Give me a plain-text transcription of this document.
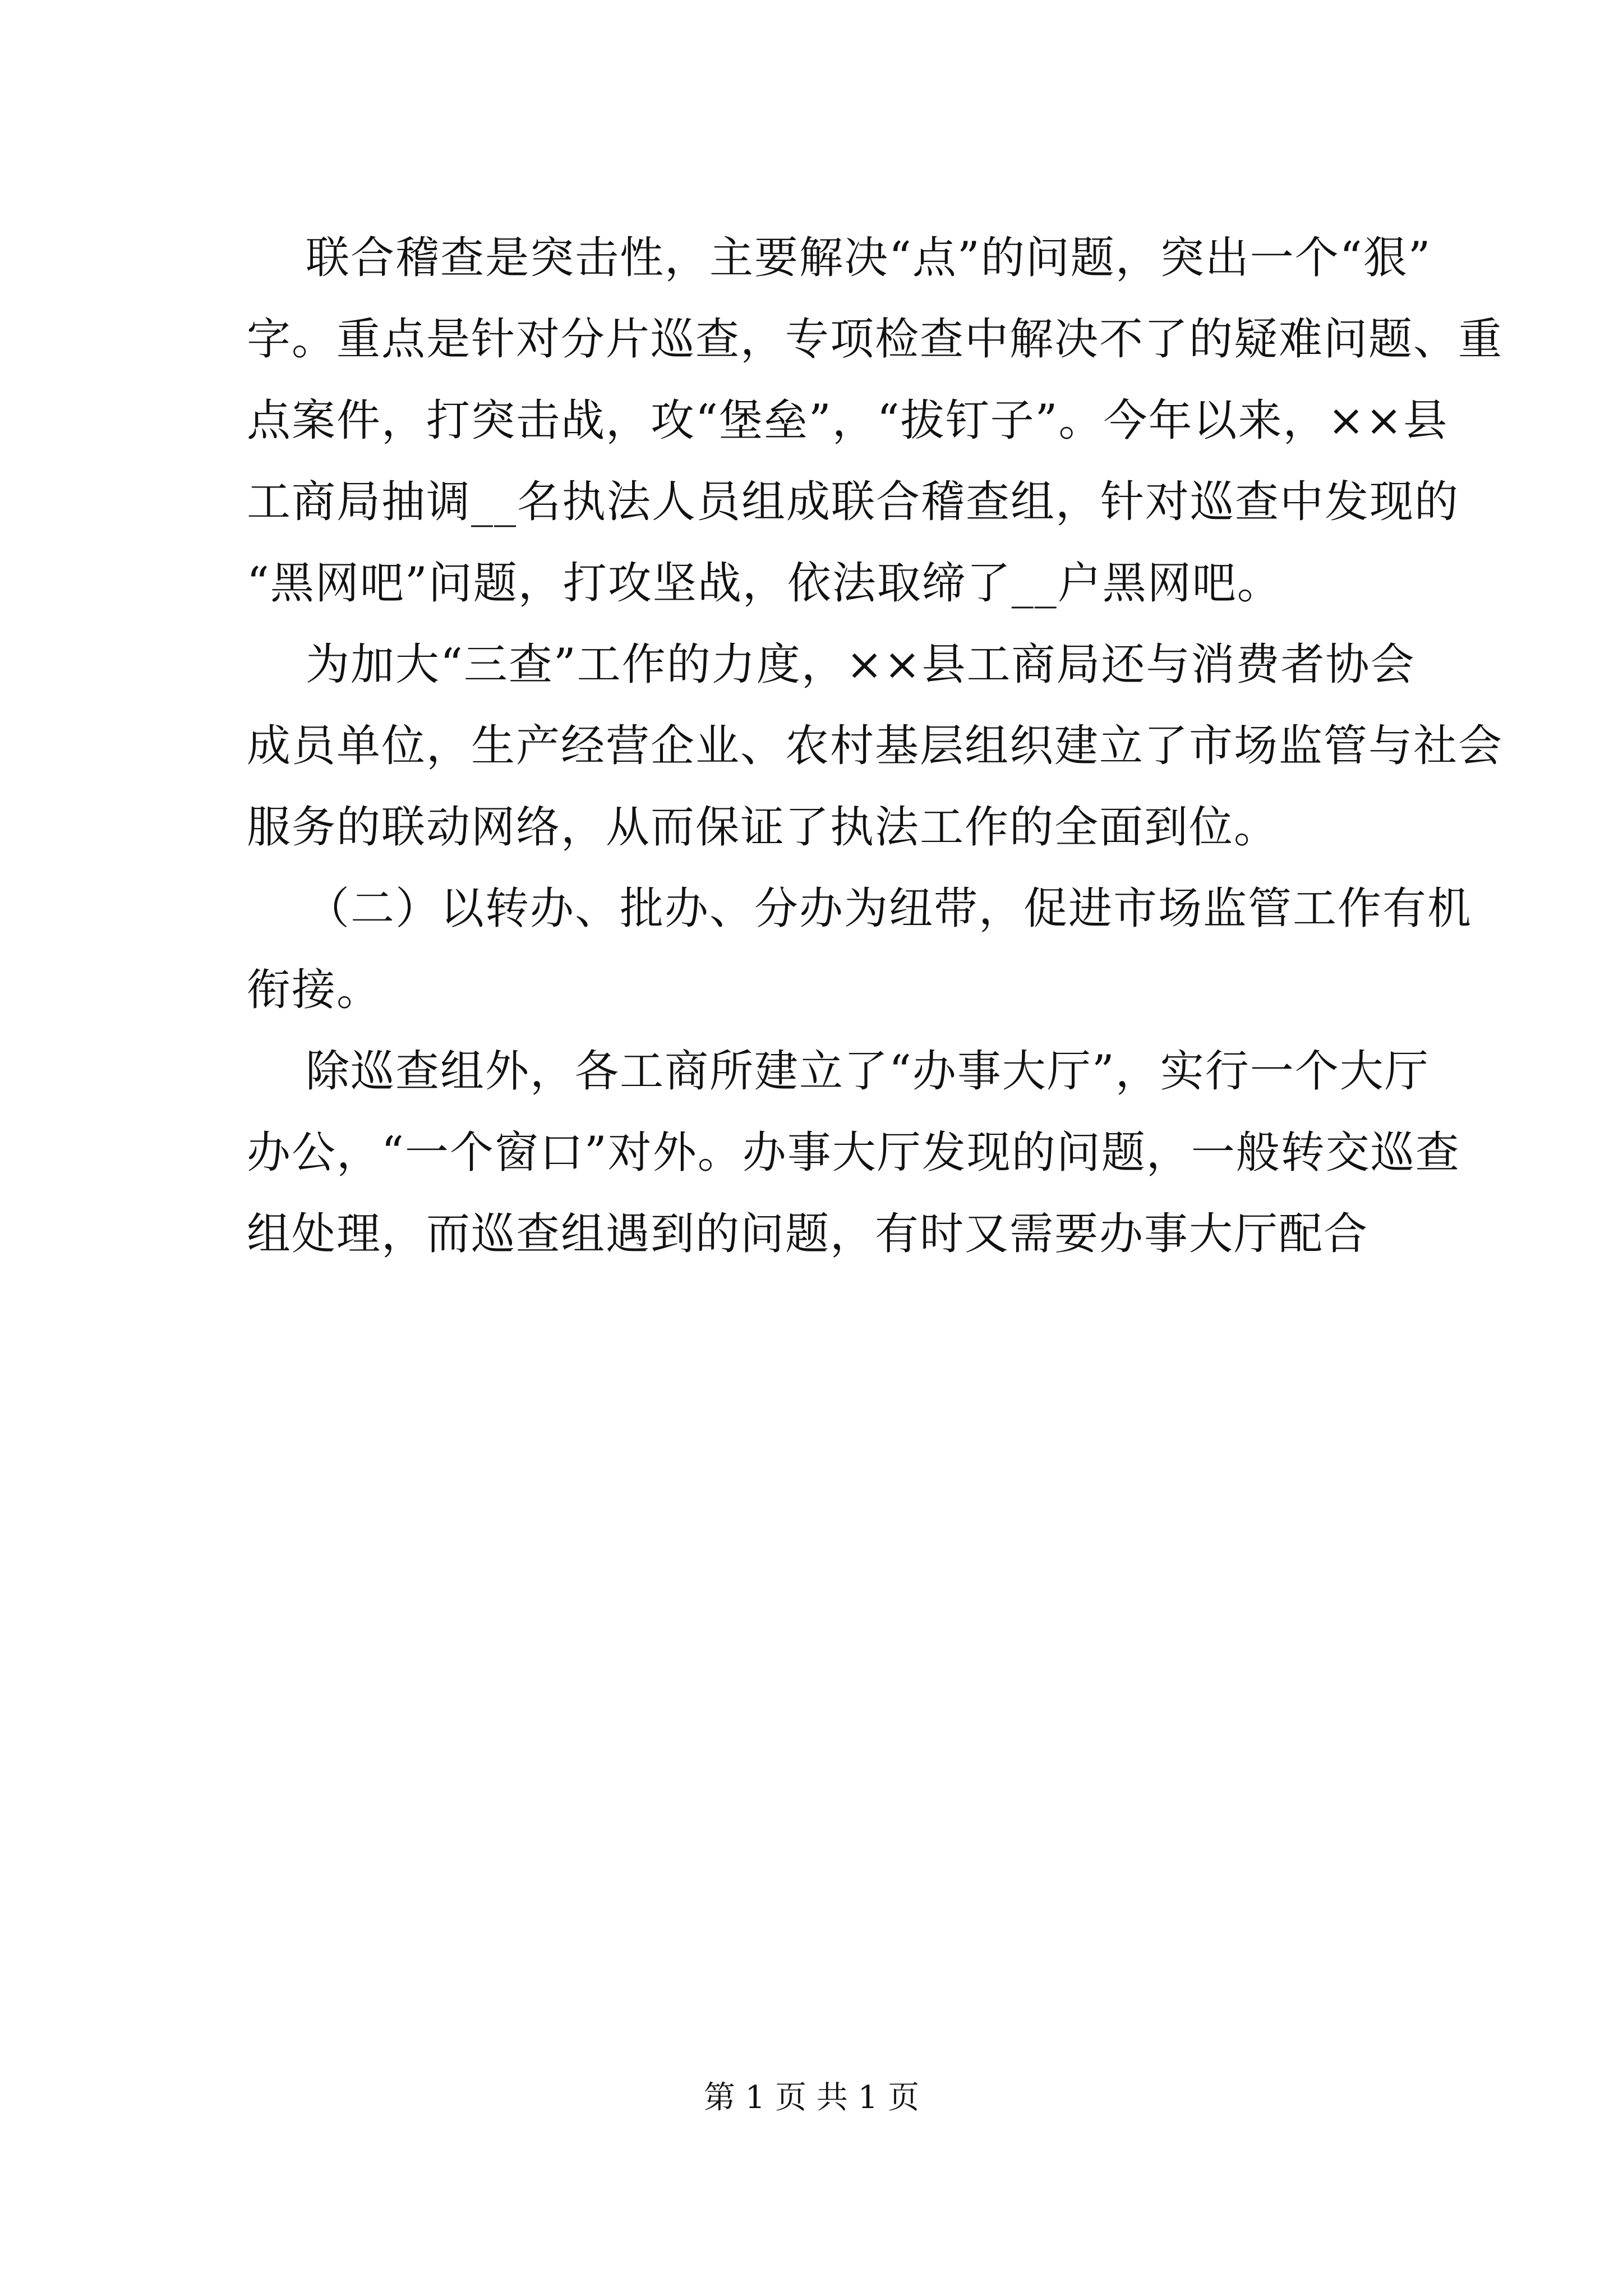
联合稽查是突击性，主要解决“点”的问题，突出一个“狠”
字。重点是针对分片巡查，专项检查中解决不了的疑难问题、重
点案件，打突击战，攻“堡垒”，“拔钉子”。今年以来，××县
工商局抽调__名执法人员组成联合稽查组，针对巡查中发现的
“黑网吧”问题，打攻坚战，依法取缔了__户黑网吧。
为加大“三查”工作的力度，××县工商局还与消费者协会
成员单位，生产经营企业、农村基层组织建立了市场监管与社会
服务的联动网络，从而保证了执法工作的全面到位。
（二）以转办、批办、分办为纽带，促进市场监管工作有机
衔接。
除巡查组外，各工商所建立了“办事大厅”，实行一个大厅
办公，“一个窗口”对外。办事大厅发现的问题，一般转交巡查
组处理，而巡查组遇到的问题，有时又需要办事大厅配合
第 1 页 共 1 页
